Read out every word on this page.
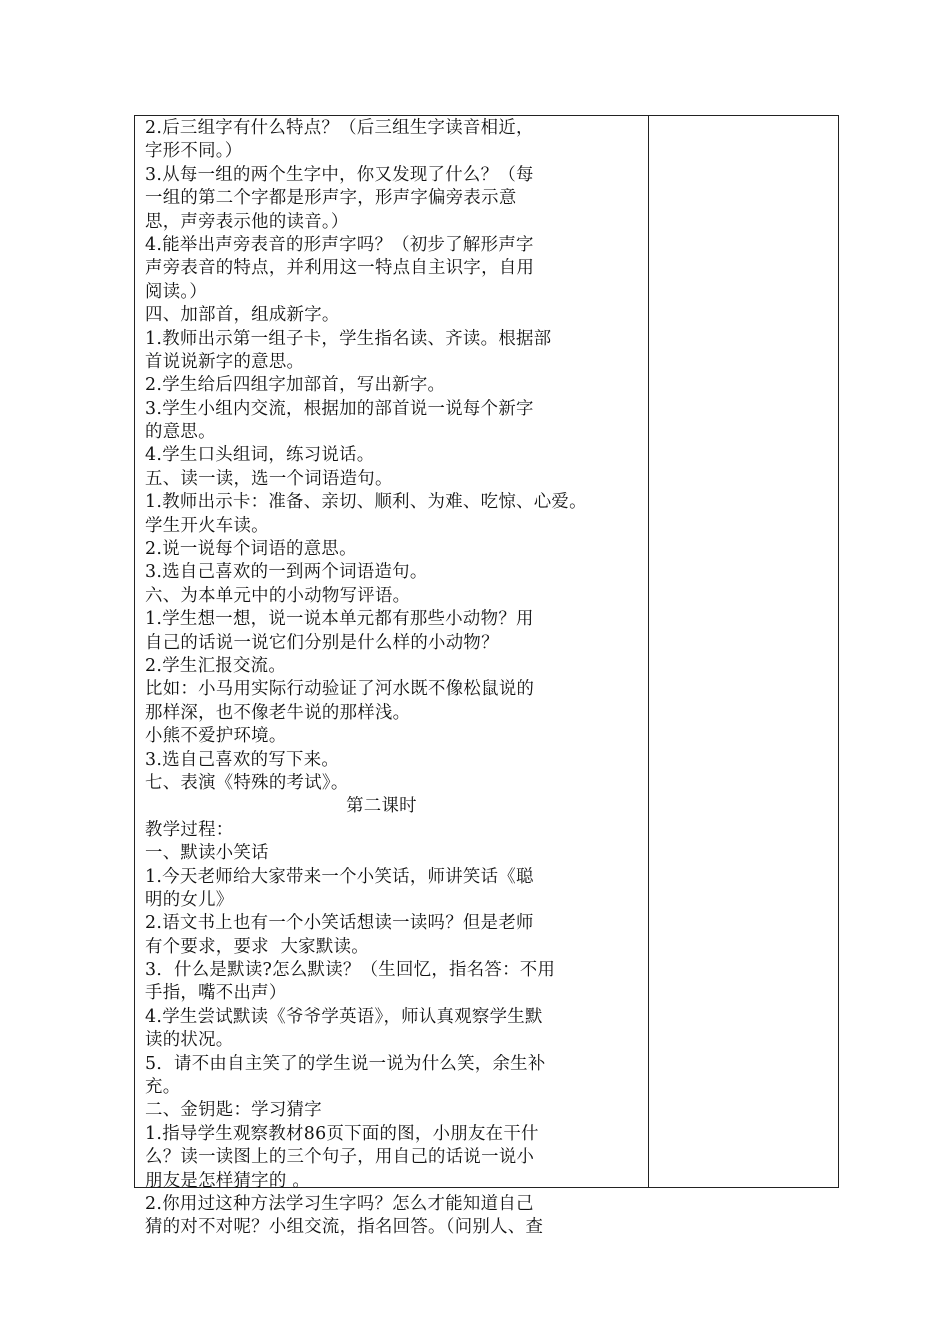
2.后三组字有什么特点？（后三组生字读音相近，
字形不同。）
3.从每一组的两个生字中，你又发现了什么？（每
一组的第二个字都是形声字，形声字偏旁表示意
思，声旁表示他的读音。）
4.能举出声旁表音的形声字吗？（初步了解形声字
声旁表音的特点，并利用这一特点自主识字，自用
阅读。）
四、加部首，组成新字。
1.教师出示第一组子卡，学生指名读、齐读。根据部
首说说新字的意思。
2.学生给后四组字加部首，写出新字。
3.学生小组内交流，根据加的部首说一说每个新字
的意思。
4.学生口头组词，练习说话。
五、读一读，选一个词语造句。
1.教师出示卡：准备、亲切、顺利、为难、吃惊、心爱。
学生开火车读。
2.说一说每个词语的意思。
3.选自己喜欢的一到两个词语造句。
六、为本单元中的小动物写评语。
1.学生想一想，说一说本单元都有那些小动物？用
自己的话说一说它们分别是什么样的小动物？
2.学生汇报交流。
比如：小马用实际行动验证了河水既不像松鼠说的
那样深，也不像老牛说的那样浅。
小熊不爱护环境。
3.选自己喜欢的写下来。
七、表演《特殊的考试》。
第二课时
教学过程：
一、默读小笑话
1.今天老师给大家带来一个小笑话，师讲笑话《聪
明的女儿》
2.语文书上也有一个小笑话想读一读吗？但是老师
有个要求，要求  大家默读。
3．什么是默读?怎么默读？（生回忆，指名答：不用
手指，嘴不出声）
4.学生尝试默读《爷爷学英语》，师认真观察学生默
读的状况。
5．请不由自主笑了的学生说一说为什么笑，余生补
充。
二、金钥匙：学习猜字
1.指导学生观察教材86页下面的图，小朋友在干什
么？读一读图上的三个句子，用自己的话说一说小
朋友是怎样猜字的 。
2.你用过这种方法学习生字吗？怎么才能知道自己
猜的对不对呢？小组交流，指名回答。（问别人、查
